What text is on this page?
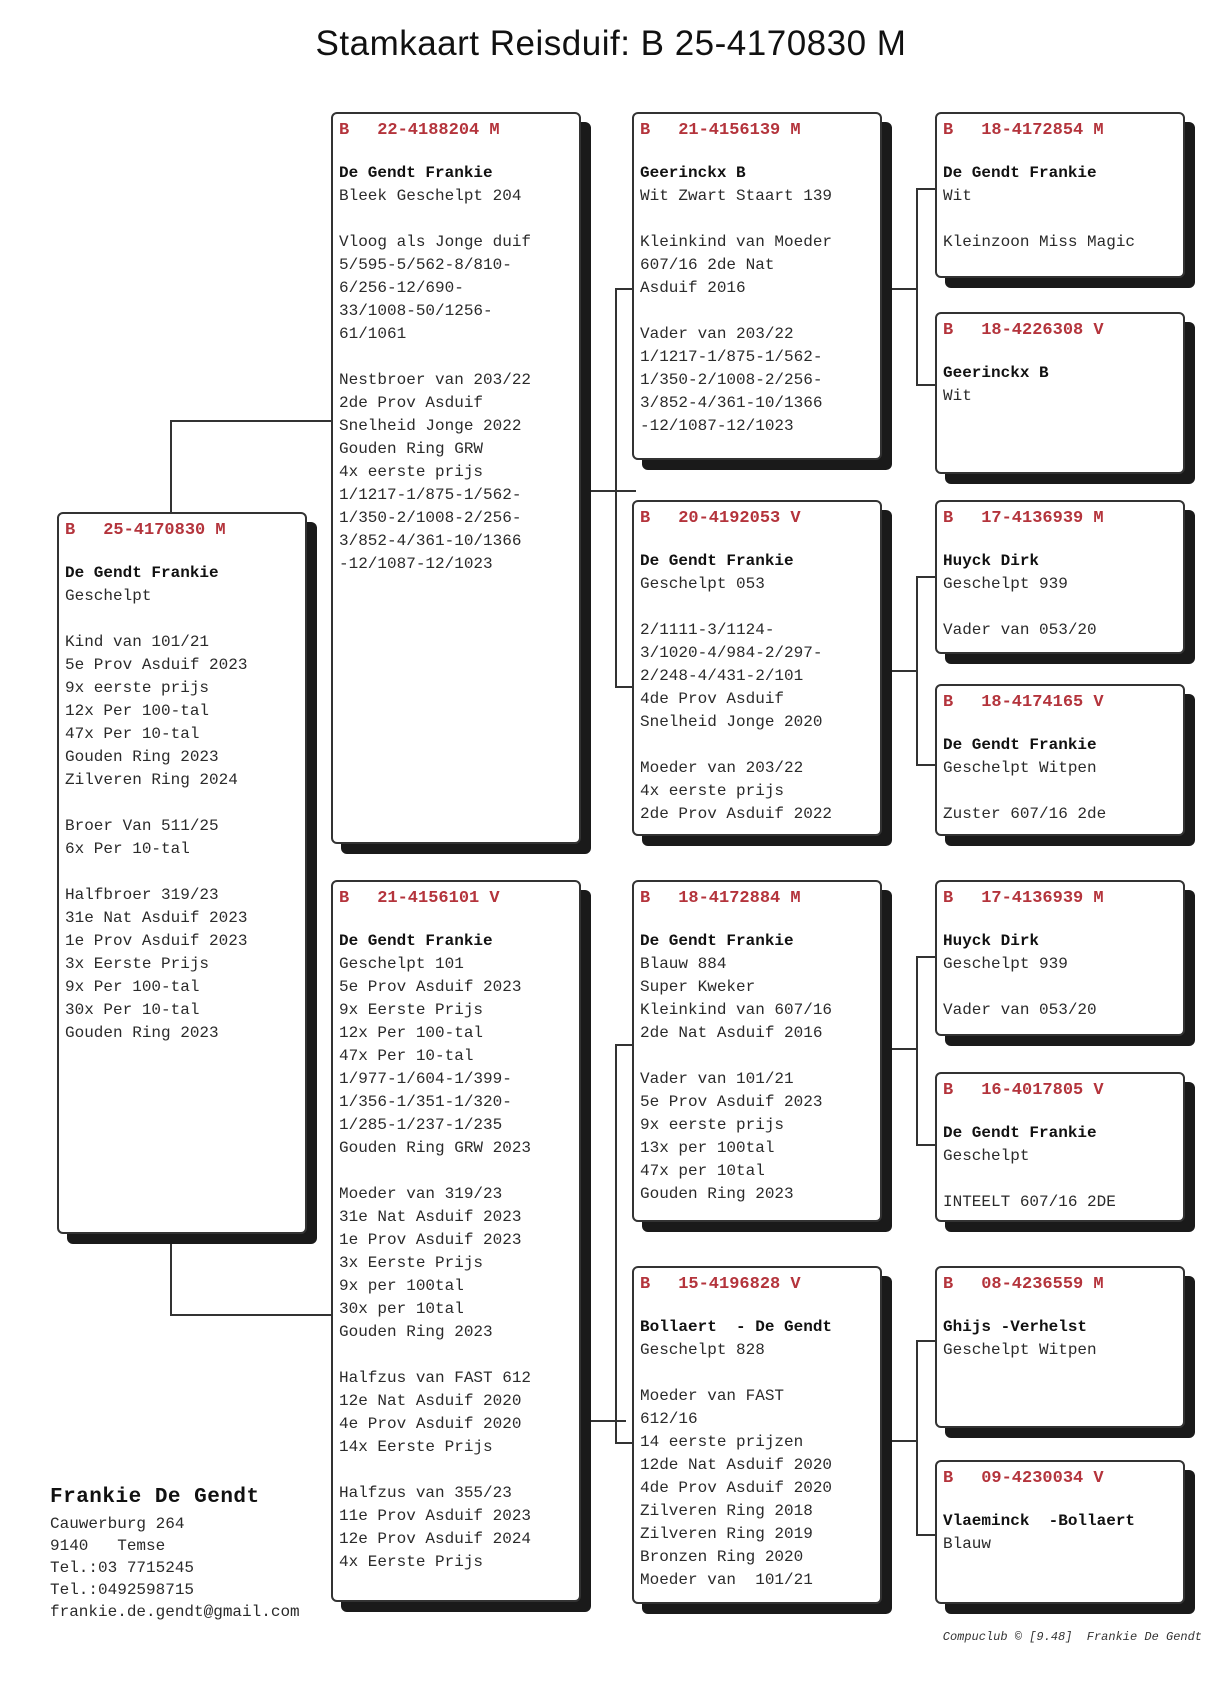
Stamkaart Reisduif: B 25-4170830 M
B 25-4170830 M
De Gendt Frankie
Geschelpt
Kind van 101/21
5e Prov Asduif 2023
9x eerste prijs
12x Per 100-tal
47x Per 10-tal
Gouden Ring 2023
Zilveren Ring 2024
Broer Van 511/25
6x Per 10-tal
Halfbroer 319/23
31e Nat Asduif 2023
1e Prov Asduif 2023
3x Eerste Prijs
9x Per 100-tal
30x Per 10-tal
Gouden Ring 2023
B 22-4188204 M
De Gendt Frankie
Bleek Geschelpt 204
Vloog als Jonge duif
5/595-5/562-8/810-
6/256-12/690-
33/1008-50/1256-
61/1061
Nestbroer van 203/22
2de Prov Asduif
Snelheid Jonge 2022
Gouden Ring GRW
4x eerste prijs
1/1217-1/875-1/562-
1/350-2/1008-2/256-
3/852-4/361-10/1366
-12/1087-12/1023
B 21-4156101 V
De Gendt Frankie
Geschelpt 101
5e Prov Asduif 2023
9x Eerste Prijs
12x Per 100-tal
47x Per 10-tal
1/977-1/604-1/399-
1/356-1/351-1/320-
1/285-1/237-1/235
Gouden Ring GRW 2023
Moeder van 319/23
31e Nat Asduif 2023
1e Prov Asduif 2023
3x Eerste Prijs
9x per 100tal
30x per 10tal
Gouden Ring 2023
Halfzus van FAST 612
12e Nat Asduif 2020
4e Prov Asduif 2020
14x Eerste Prijs
Halfzus van 355/23
11e Prov Asduif 2023
12e Prov Asduif 2024
4x Eerste Prijs
B 21-4156139 M
Geerinckx B
Wit Zwart Staart 139
Kleinkind van Moeder
607/16 2de Nat
Asduif 2016
Vader van 203/22
1/1217-1/875-1/562-
1/350-2/1008-2/256-
3/852-4/361-10/1366
-12/1087-12/1023
B 20-4192053 V
De Gendt Frankie
Geschelpt 053
2/1111-3/1124-
3/1020-4/984-2/297-
2/248-4/431-2/101
4de Prov Asduif
Snelheid Jonge 2020
Moeder van 203/22
4x eerste prijs
2de Prov Asduif 2022
B 18-4172884 M
De Gendt Frankie
Blauw 884
Super Kweker
Kleinkind van 607/16
2de Nat Asduif 2016
Vader van 101/21
5e Prov Asduif 2023
9x eerste prijs
13x per 100tal
47x per 10tal
Gouden Ring 2023
B 15-4196828 V
Bollaert  - De Gendt
Geschelpt 828
Moeder van FAST
612/16
14 eerste prijzen
12de Nat Asduif 2020
4de Prov Asduif 2020
Zilveren Ring 2018
Zilveren Ring 2019
Bronzen Ring 2020
Moeder van  101/21
B 18-4172854 M
De Gendt Frankie
Wit
Kleinzoon Miss Magic
B 18-4226308 V
Geerinckx B
Wit
B 17-4136939 M
Huyck Dirk
Geschelpt 939
Vader van 053/20
B 18-4174165 V
De Gendt Frankie
Geschelpt Witpen
Zuster 607/16 2de
B 17-4136939 M
Huyck Dirk
Geschelpt 939
Vader van 053/20
B 16-4017805 V
De Gendt Frankie
Geschelpt
INTEELT 607/16 2DE
B 08-4236559 M
Ghijs -Verhelst
Geschelpt Witpen
B 09-4230034 V
Vlaeminck  -Bollaert
Blauw
Frankie De Gendt
Cauwerburg 264
9140   Temse
Tel.:03 7715245
Tel.:0492598715
frankie.de.gendt@gmail.com
Compuclub © [9.48]  Frankie De Gendt
